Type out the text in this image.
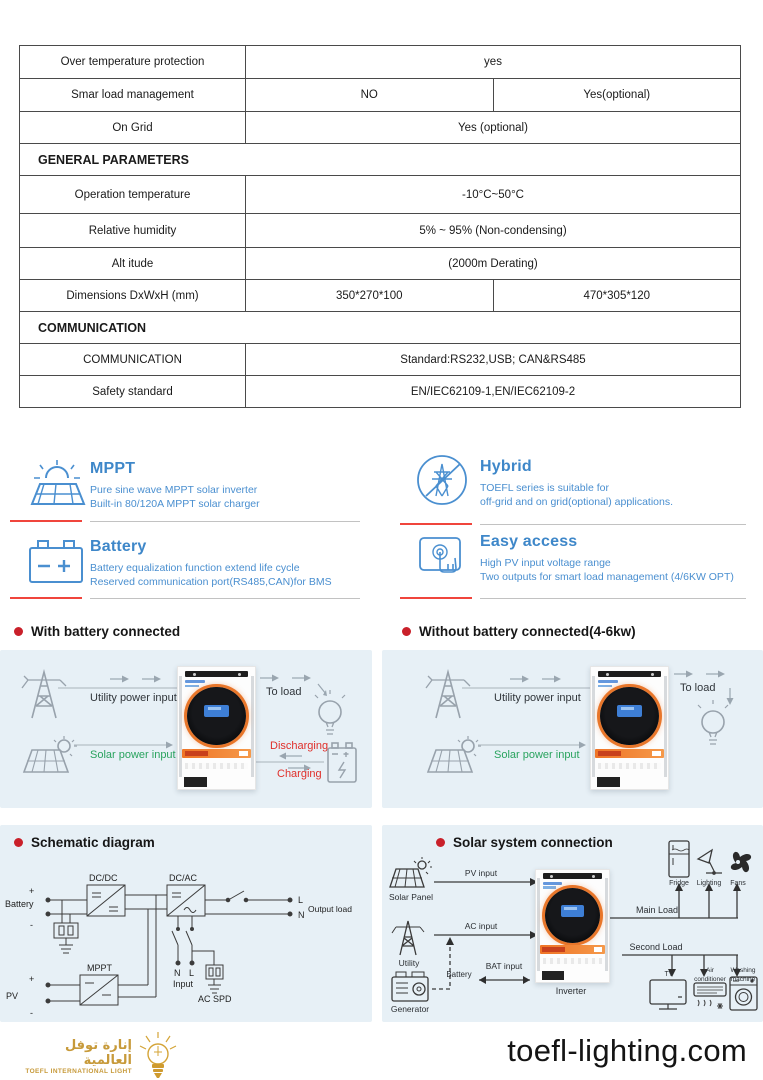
Over temperature protection	yes	
Smar load management	NO	Yes(optional)
On Grid	Yes (optional)	
GENERAL PARAMETERS		
Operation temperature	-10°C~50°C	
Relative humidity	5% ~ 95% (Non-condensing)	
Alt itude	(2000m Derating)	
Dimensions DxWxH (mm)	350*270*100	470*305*120
COMMUNICATION		
COMMUNICATION	Standard:RS232,USB; CAN&RS485	
Safety standard	EN/IEC62109-1,EN/IEC62109-2	
MPPT
Pure sine wave MPPT solar inverter
Built-in 80/120A MPPT solar charger
Hybrid
TOEFL series is suitable for
off-grid and on grid(optional) applications.
Battery
Battery equalization function extend life cycle
Reserved communication port(RS485,CAN)for BMS
Easy access
High PV input voltage range
Two outputs for smart load management (4/6KW OPT)
With battery connected	Without battery connected(4-6kw)
Utility power input
Solar power input
To load
Discharging
Charging
Utility power input
Solar power input
To load
Schematic diagram
Battery
+
-
DC/DC	DC/AC
L
N
Output load
N L
Input
AC SPD
MPPT
+
-
PV
Solar system connection
Solar Panel
PV input
Utility
AC input
Generator
Battery
BAT input
Inverter
Main Load
Second Load
Fridge	Lighting	Fans
TV
Air conditioner
Washing machine
إنارة توفل العالمية
TOEFL INTERNATIONAL LIGHT
toefl-lighting.com
